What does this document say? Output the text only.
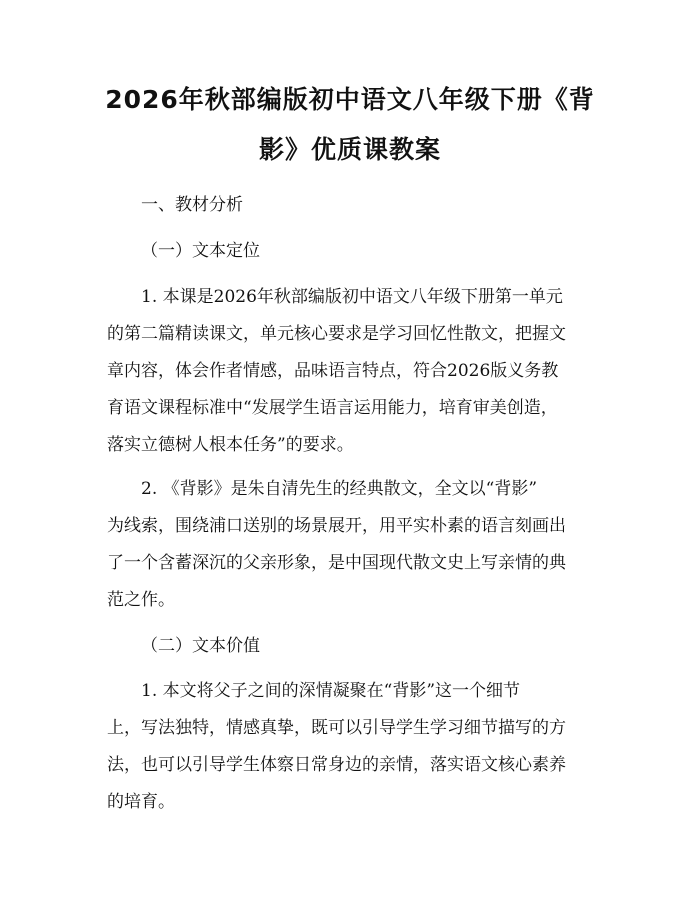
2026年秋部编版初中语文八年级下册《背
影》优质课教案

一、教材分析

（一）文本定位

1. 本课是2026年秋部编版初中语文八年级下册第一单元

的第二篇精读课文，单元核心要求是学习回忆性散文，把握文

章内容，体会作者情感，品味语言特点，符合2026版义务教

育语文课程标准中“发展学生语言运用能力，培育审美创造，

落实立德树人根本任务”的要求。

2. 《背影》是朱自清先生的经典散文，全文以“背影”

为线索，围绕浦口送别的场景展开，用平实朴素的语言刻画出

了一个含蓄深沉的父亲形象，是中国现代散文史上写亲情的典

范之作。

（二）文本价值

1. 本文将父子之间的深情凝聚在“背影”这一个细节

上，写法独特，情感真挚，既可以引导学生学习细节描写的方

法，也可以引导学生体察日常身边的亲情，落实语文核心素养

的培育。
